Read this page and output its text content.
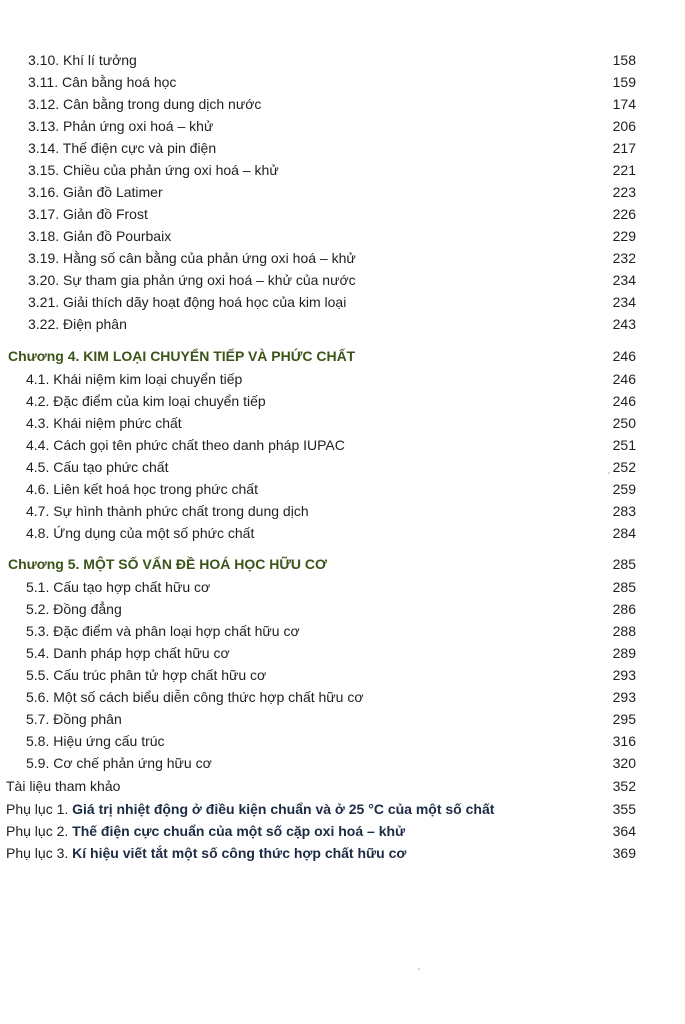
3.10. Khí lí tưởng	158
3.11. Cân bằng hoá học	159
3.12. Cân bằng trong dung dịch nước	174
3.13. Phản ứng oxi hoá – khử	206
3.14. Thế điện cực và pin điện	217
3.15. Chiều của phản ứng oxi hoá – khử	221
3.16. Giản đồ Latimer	223
3.17. Giản đồ Frost	226
3.18. Giản đồ Pourbaix	229
3.19. Hằng số cân bằng của phản ứng oxi hoá – khử	232
3.20. Sự tham gia phản ứng oxi hoá – khử của nước	234
3.21. Giải thích dãy hoạt động hoá học của kim loại	234
3.22. Điện phân	243
Chương 4. KIM LOẠI CHUYỂN TIẾP VÀ PHỨC CHẤT	246
4.1. Khái niệm kim loại chuyển tiếp	246
4.2. Đặc điểm của kim loại chuyển tiếp	246
4.3. Khái niệm phức chất	250
4.4. Cách gọi tên phức chất theo danh pháp IUPAC	251
4.5. Cấu tạo phức chất	252
4.6. Liên kết hoá học trong phức chất	259
4.7. Sự hình thành phức chất trong dung dịch	283
4.8. Ứng dụng của một số phức chất	284
Chương 5. MỘT SỐ VẤN ĐỀ HOÁ HỌC HỮU CƠ	285
5.1. Cấu tạo hợp chất hữu cơ	285
5.2. Đồng đẳng	286
5.3. Đặc điểm và phân loại hợp chất hữu cơ	288
5.4. Danh pháp hợp chất hữu cơ	289
5.5. Cấu trúc phân tử hợp chất hữu cơ	293
5.6. Một số cách biểu diễn công thức hợp chất hữu cơ	293
5.7. Đồng phân	295
5.8. Hiệu ứng cấu trúc	316
5.9. Cơ chế phản ứng hữu cơ	320
Tài liệu tham khảo	352
Phụ lục 1. Giá trị nhiệt động ở điều kiện chuẩn và ở 25 °C của một số chất	355
Phụ lục 2. Thế điện cực chuẩn của một số cặp oxi hoá – khử	364
Phụ lục 3. Kí hiệu viết tắt một số công thức hợp chất hữu cơ	369
